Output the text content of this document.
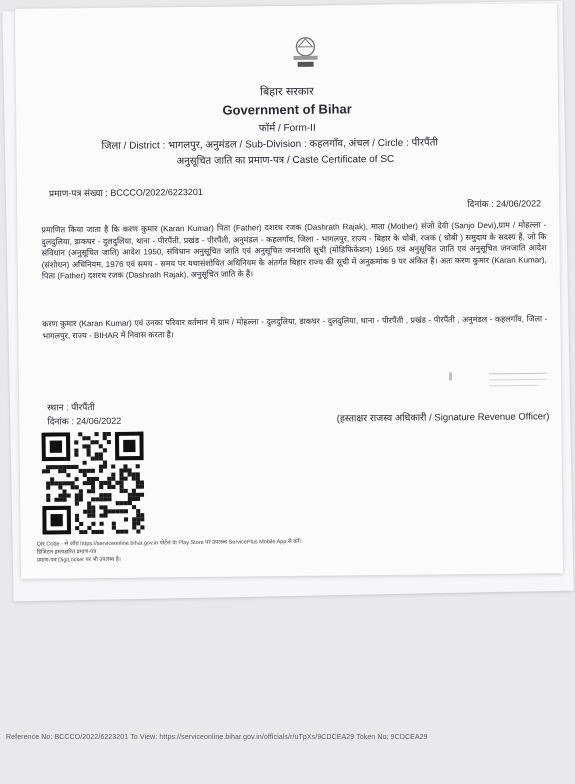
बिहार सरकार
Government of Bihar
फॉर्म / Form-II
जिला / District : भागलपुर, अनुमंडल / Sub-Division : कहलगाँव, अंचल / Circle : पीरपैंती
अनुसूचित जाति का प्रमाण-पत्र / Caste Certificate of SC
प्रमाण-पत्र संख्या : BCCCO/2022/6223201
दिनांक : 24/06/2022
प्रमाणित किया जाता है कि करण कुमार (Karan Kumar) पिता (Father) दशरथ रजक (Dashrath Rajak), माता (Mother) संजो देवी (Sanjo Devi),ग्राम / मोहल्ला - दुलदुलिया, डाकघर - दुलदुलिया, थाना - पीरपैंती, प्रखंड - पीरपैंती, अनुमंडल - कहलगाँव, जिला - भागलपुर, राज्य - बिहार के धोबी, रजक ( धोबी ) समुदाय के सदस्य हैं, जो कि संविधान (अनुसूचित जाति) आदेश 1950, संविधान अनुसूचित जाति एवं अनुसूचित जनजाति सूची (मोडिफिकेशन) 1965 एवं अनुसूचित जाति एवं अनुसूचित जनजाति आदेश (संशोधन) अधिनियम, 1976 एवं समय - समय पर यथासंशोधित अधिनियम के अंतर्गत बिहार राज्य की सूची में अनुक्रमांक 9 पर अंकित है। अतः करण कुमार (Karan Kumar), पिता (Father) दशरथ रजक (Dashrath Rajak), अनुसूचित जाति के हैं।
करण कुमार (Karan Kumar) एवं उनका परिवार वर्तमान में ग्राम / मोहल्ला - दुलदुलिया, डाकघर - दुलदुलिया, थाना - पीरपैंती , प्रखंड - पीरपैंती , अनुमंडल - कहलगाँव, जिला - भागलपुर, राज्य - BIHAR में निवास करता है।
स्थान : पीरपैंती
दिनांक : 24/06/2022	(हस्ताक्षर राजस्व अधिकारी / Signature Revenue Officer)
QR Code - से जाँच https://serviceonline.bihar.gov.in पोर्टल या Play Store पर उपलब्ध ServicePlus Mobile App से करें।
डिजिटल हस्ताक्षरित प्रमाण-पत्र
प्रमाण-पत्र DigiLocker पर भी उपलब्ध है।
Reference No: BCCCO/2022/6223201 To View: https://serviceonline.bihar.gov.in/officials/r/uTpXs/9CDCEA29 Token No: 9CDCEA29
